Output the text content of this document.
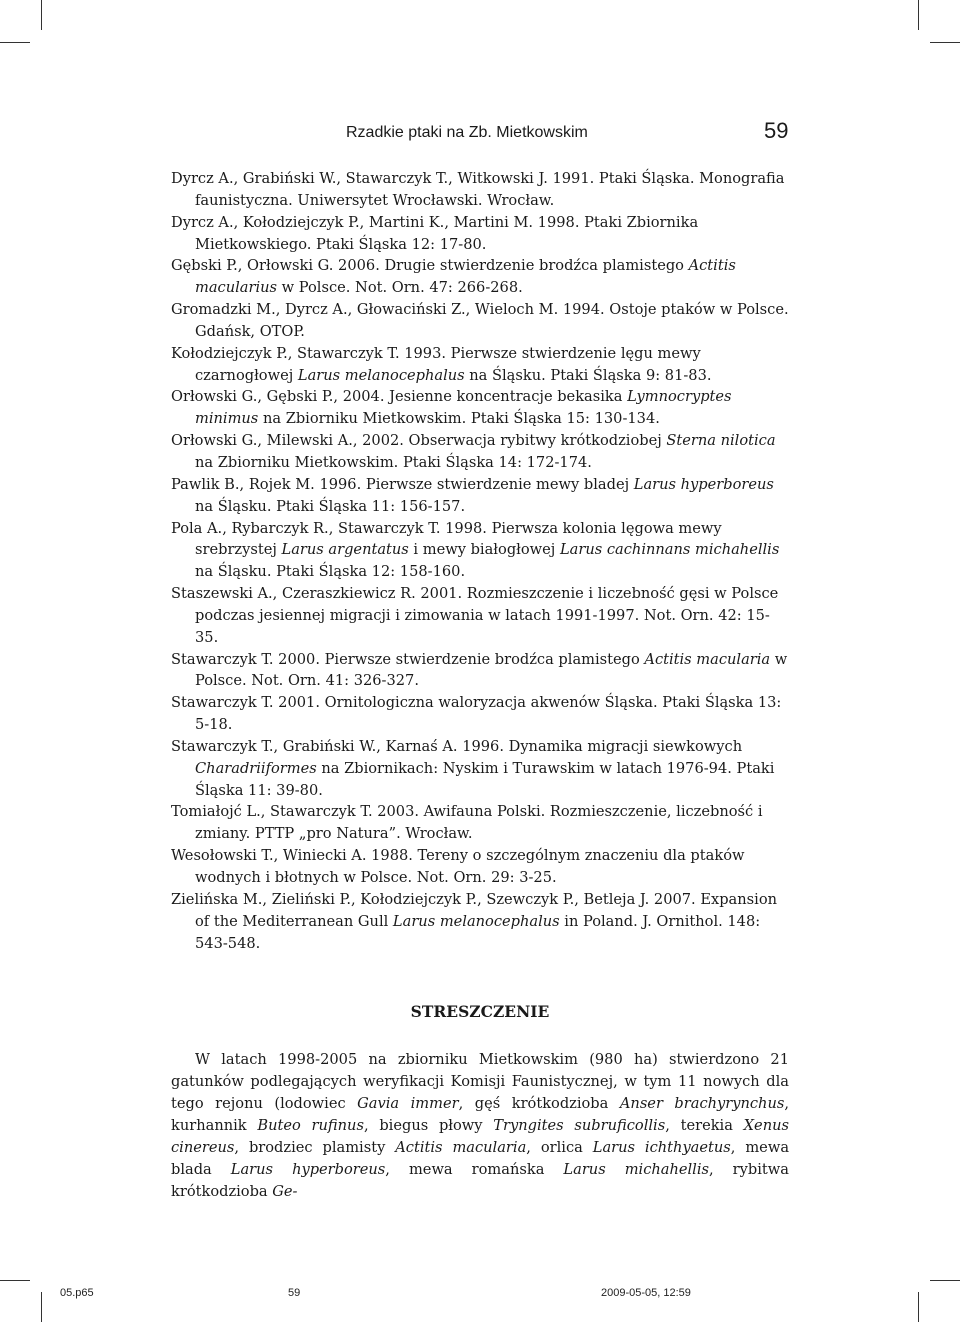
Rzadkie ptaki na Zb. Mietkowskim	59

Dyrcz A., Grabiński W., Stawarczyk T., Witkowski J. 1991. Ptaki Śląska. Monografia faunistyczna. Uniwersytet Wrocławski. Wrocław.

Dyrcz A., Kołodziejczyk P., Martini K., Martini M. 1998. Ptaki Zbiornika Mietkowskiego. Ptaki Śląska 12: 17-80.

Gębski P., Orłowski G. 2006. Drugie stwierdzenie brodźca plamistego Actitis macularius w Polsce. Not. Orn. 47: 266-268.

Gromadzki M., Dyrcz A., Głowaciński Z., Wieloch M. 1994. Ostoje ptaków w Polsce. Gdańsk, OTOP.

Kołodziejczyk P., Stawarczyk T. 1993. Pierwsze stwierdzenie lęgu mewy czarnogłowej Larus melanocephalus na Śląsku. Ptaki Śląska 9: 81-83.

Orłowski G., Gębski P., 2004. Jesienne koncentracje bekasika Lymnocryptes minimus na Zbiorniku Mietkowskim. Ptaki Śląska 15: 130-134.

Orłowski G., Milewski A., 2002. Obserwacja rybitwy krótkodziobej Sterna nilotica na Zbiorniku Mietkowskim. Ptaki Śląska 14: 172-174.

Pawlik B., Rojek M. 1996. Pierwsze stwierdzenie mewy bladej Larus hyperboreus na Śląsku. Ptaki Śląska 11: 156-157.

Pola A., Rybarczyk R., Stawarczyk T. 1998. Pierwsza kolonia lęgowa mewy srebrzystej Larus argentatus i mewy białogłowej Larus cachinnans michahellis na Śląsku. Ptaki Śląska 12: 158-160.

Staszewski A., Czeraszkiewicz R. 2001. Rozmieszczenie i liczebność gęsi w Polsce podczas jesiennej migracji i zimowania w latach 1991-1997. Not. Orn. 42: 15-35.

Stawarczyk T. 2000. Pierwsze stwierdzenie brodźca plamistego Actitis macularia w Polsce. Not. Orn. 41: 326-327.

Stawarczyk T. 2001. Ornitologiczna waloryzacja akwenów Śląska. Ptaki Śląska 13: 5-18.

Stawarczyk T., Grabiński W., Karnaś A. 1996. Dynamika migracji siewkowych Charadriiformes na Zbiornikach: Nyskim i Turawskim w latach 1976-94. Ptaki Śląska 11: 39-80.

Tomiałojć L., Stawarczyk T. 2003. Awifauna Polski. Rozmieszczenie, liczebność i zmiany. PTTP „pro Natura”. Wrocław.

Wesołowski T., Winiecki A. 1988. Tereny o szczególnym znaczeniu dla ptaków wodnych i błotnych w Polsce. Not. Orn. 29: 3-25.

Zielińska M., Zieliński P., Kołodziejczyk P., Szewczyk P., Betleja J. 2007. Expansion of the Mediterranean Gull Larus melanocephalus in Poland. J. Ornithol. 148: 543-548.

STRESZCZENIE

W latach 1998-2005 na zbiorniku Mietkowskim (980 ha) stwierdzono 21 gatunków podlegających weryfikacji Komisji Faunistycznej, w tym 11 nowych dla tego rejonu (lodowiec Gavia immer, gęś krótkodzioba Anser brachyrynchus, kurhannik Buteo rufinus, biegus płowy Tryngites subruficollis, terekia Xenus cinereus, brodziec plamisty Actitis macularia, orlica Larus ichthyaetus, mewa blada Larus hyperboreus, mewa romańska Larus michahellis, rybitwa krótkodzioba Ge-

05.p65	59	2009-05-05, 12:59
